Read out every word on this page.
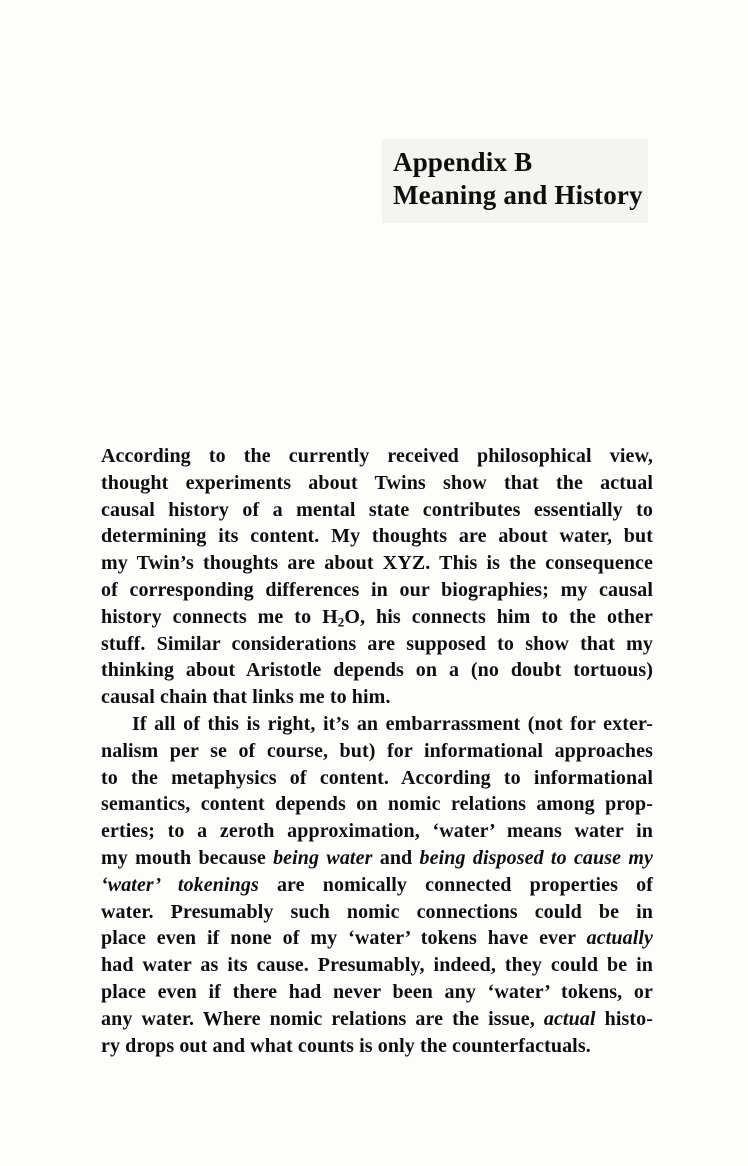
Appendix B
Meaning and History
According to the currently received philosophical view,
thought experiments about Twins show that the actual
causal history of a mental state contributes essentially to
determining its content. My thoughts are about water, but
my Twin’s thoughts are about XYZ. This is the consequence
of corresponding differences in our biographies; my causal
history connects me to $H_2O$, his connects him to the other
stuff. Similar considerations are supposed to show that my
thinking about Aristotle depends on a (no doubt tortuous)
causal chain that links me to him.
If all of this is right, it’s an embarrassment (not for exter-
nalism per se of course, but) for informational approaches
to the metaphysics of content. According to informational
semantics, content depends on nomic relations among prop-
erties; to a zeroth approximation, ‘water’ means water in
my mouth because being water and being disposed to cause my
‘water’ tokenings are nomically connected properties of
water. Presumably such nomic connections could be in
place even if none of my ‘water’ tokens have ever actually
had water as its cause. Presumably, indeed, they could be in
place even if there had never been any ‘water’ tokens, or
any water. Where nomic relations are the issue, actual histo-
ry drops out and what counts is only the counterfactuals.
